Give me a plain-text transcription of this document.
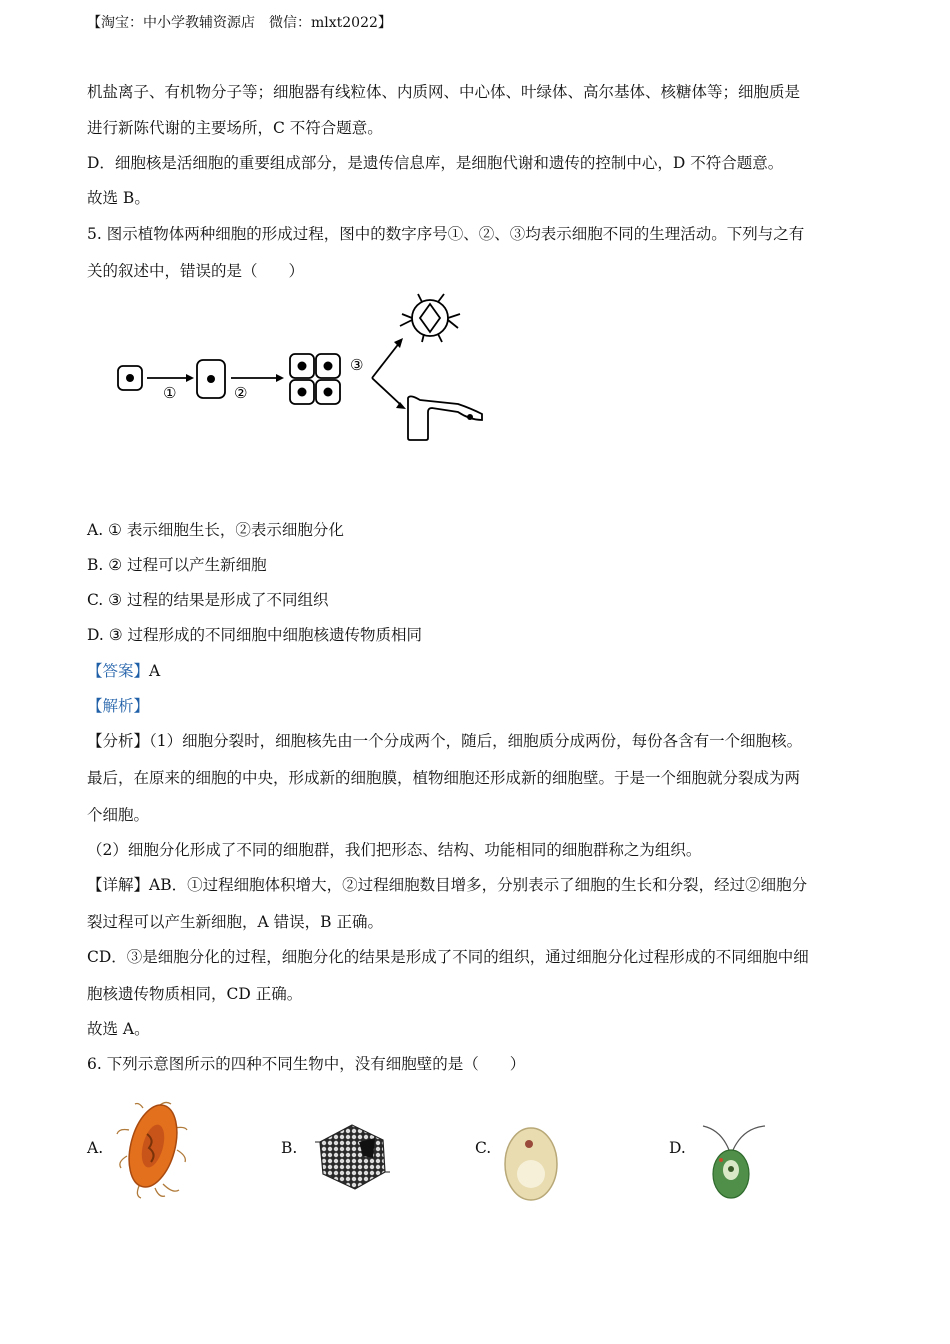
【淘宝：中小学教辅资源店　微信：mlxt2022】
机盐离子、有机物分子等；细胞器有线粒体、内质网、中心体、叶绿体、高尔基体、核糖体等；细胞质是
进行新陈代谢的主要场所，C 不符合题意。
D．细胞核是活细胞的重要组成部分，是遗传信息库，是细胞代谢和遗传的控制中心，D 不符合题意。
故选 B。
5. 图示植物体两种细胞的形成过程，图中的数字序号①、②、③均表示细胞不同的生理活动。下列与之有
关的叙述中，错误的是（　　）
①	②
③
A. ① 表示细胞生长，②表示细胞分化
B. ② 过程可以产生新细胞
C. ③ 过程的结果是形成了不同组织
D. ③ 过程形成的不同细胞中细胞核遗传物质相同
【答案】A
【解析】
【分析】（1）细胞分裂时，细胞核先由一个分成两个，随后，细胞质分成两份，每份各含有一个细胞核。
最后，在原来的细胞的中央，形成新的细胞膜，植物细胞还形成新的细胞壁。于是一个细胞就分裂成为两
个细胞。
（2）细胞分化形成了不同的细胞群，我们把形态、结构、功能相同的细胞群称之为组织。
【详解】AB．①过程细胞体积增大，②过程细胞数目增多，分别表示了细胞的生长和分裂，经过②细胞分
裂过程可以产生新细胞，A 错误，B 正确。
CD．③是细胞分化的过程，细胞分化的结果是形成了不同的组织，通过细胞分化过程形成的不同细胞中细
胞核遗传物质相同，CD 正确。
故选 A。
6. 下列示意图所示的四种不同生物中，没有细胞壁的是（　　）
A.	B.	C.	D.
